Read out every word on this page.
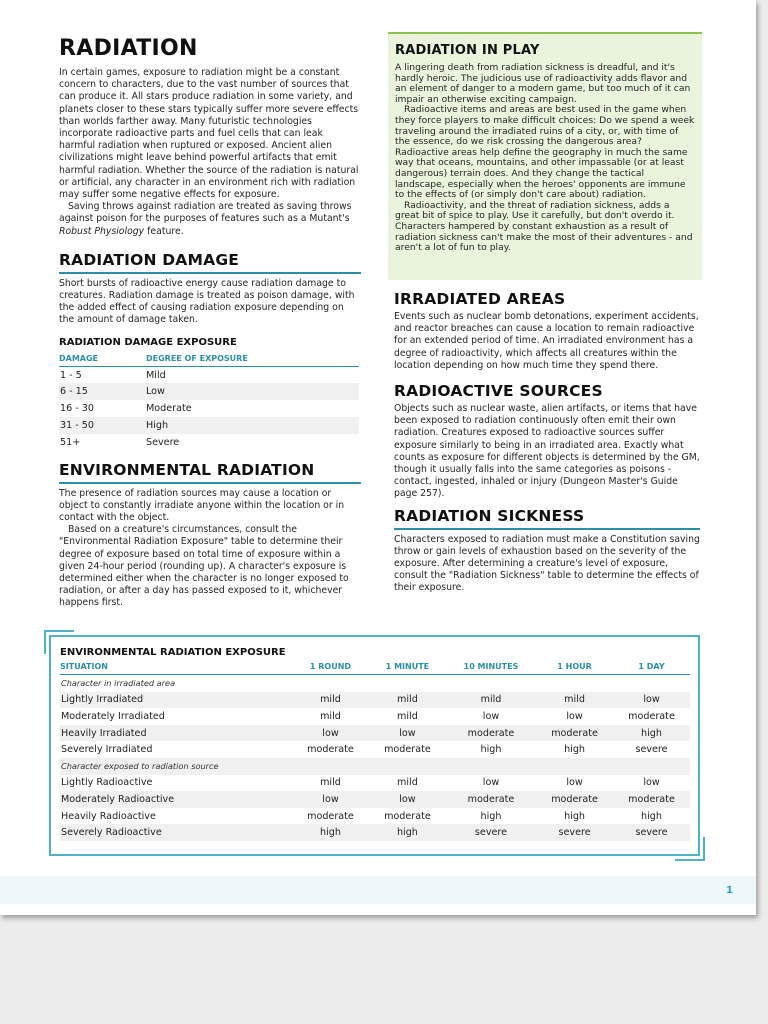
RADIATION

In certain games, exposure to radiation might be a constant concern to characters, due to the vast number of sources that can produce it. All stars produce radiation in some variety, and planets closer to these stars typically suffer more severe effects than worlds farther away. Many futuristic technologies incorporate radioactive parts and fuel cells that can leak harmful radiation when ruptured or exposed. Ancient alien civilizations might leave behind powerful artifacts that emit harmful radiation. Whether the source of the radiation is natural or artificial, any character in an environment rich with radiation may suffer some negative effects for exposure.

Saving throws against radiation are treated as saving throws against poison for the purposes of features such as a Mutant's Robust Physiology feature.

RADIATION DAMAGE

Short bursts of radioactive energy cause radiation damage to creatures. Radiation damage is treated as poison damage, with the added effect of causing radiation exposure depending on the amount of damage taken.

RADIATION DAMAGE EXPOSURE
DAMAGE	DEGREE OF EXPOSURE
1 - 5	Mild
6 - 15	Low
16 - 30	Moderate
31 - 50	High
51+	Severe
ENVIRONMENTAL RADIATION

The presence of radiation sources may cause a location or object to constantly irradiate anyone within the location or in contact with the object.

Based on a creature's circumstances, consult the "Environmental Radiation Exposure" table to determine their degree of exposure based on total time of exposure within a given 24-hour period (rounding up). A character's exposure is determined either when the character is no longer exposed to radiation, or after a day has passed exposed to it, whichever happens first.

RADIATION IN PLAY

A lingering death from radiation sickness is dreadful, and it's hardly heroic. The judicious use of radioactivity adds flavor and an element of danger to a modern game, but too much of it can impair an otherwise exciting campaign.

Radioactive items and areas are best used in the game when they force players to make difficult choices: Do we spend a week traveling around the irradiated ruins of a city, or, with time of the essence, do we risk crossing the dangerous area? Radioactive areas help define the geography in much the same way that oceans, mountains, and other impassable (or at least dangerous) terrain does. And they change the tactical landscape, especially when the heroes' opponents are immune to the effects of (or simply don't care about) radiation.

Radioactivity, and the threat of radiation sickness, adds a great bit of spice to play. Use it carefully, but don't overdo it. Characters hampered by constant exhaustion as a result of radiation sickness can't make the most of their adventures - and aren't a lot of fun to play.

IRRADIATED AREAS

Events such as nuclear bomb detonations, experiment accidents, and reactor breaches can cause a location to remain radioactive for an extended period of time. An irradiated environment has a degree of radioactivity, which affects all creatures within the location depending on how much time they spend there.

RADIOACTIVE SOURCES

Objects such as nuclear waste, alien artifacts, or items that have been exposed to radiation continuously often emit their own radiation. Creatures exposed to radioactive sources suffer exposure similarly to being in an irradiated area. Exactly what counts as exposure for different objects is determined by the GM, though it usually falls into the same categories as poisons - contact, ingested, inhaled or injury (Dungeon Master's Guide page 257).

RADIATION SICKNESS

Characters exposed to radiation must make a Constitution saving throw or gain levels of exhaustion based on the severity of the exposure. After determining a creature's level of exposure, consult the "Radiation Sickness" table to determine the effects of their exposure.

ENVIRONMENTAL RADIATION EXPOSURE
SITUATION	1 ROUND	1 MINUTE	10 MINUTES	1 HOUR	1 DAY
Character in irradiated area					
Lightly Irradiated	mild	mild	mild	mild	low
Moderately Irradiated	mild	mild	low	low	moderate
Heavily Irradiated	low	low	moderate	moderate	high
Severely Irradiated	moderate	moderate	high	high	severe
Character exposed to radiation source					
Lightly Radioactive	mild	mild	low	low	low
Moderately Radioactive	low	low	moderate	moderate	moderate
Heavily Radioactive	moderate	moderate	high	high	high
Severely Radioactive	high	high	severe	severe	severe
1
